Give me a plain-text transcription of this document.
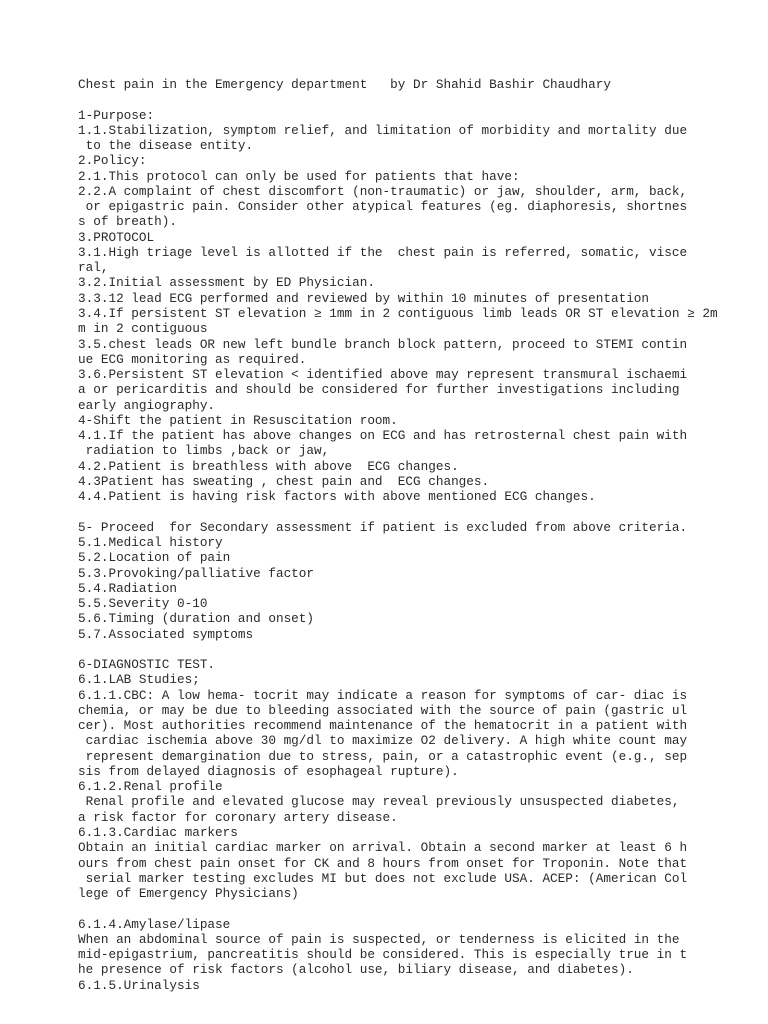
Chest pain in the Emergency department   by Dr Shahid Bashir Chaudhary
1-Purpose:
1.1.Stabilization, symptom relief, and limitation of morbidity and mortality due
to the disease entity.
2.Policy:
2.1.This protocol can only be used for patients that have:
2.2.A complaint of chest discomfort (non-traumatic) or jaw, shoulder, arm, back,
or epigastric pain. Consider other atypical features (eg. diaphoresis, shortnes
s of breath).
3.PROTOCOL
3.1.High triage level is allotted if the  chest pain is referred, somatic, visce
ral,
3.2.Initial assessment by ED Physician.
3.3.12 lead ECG performed and reviewed by within 10 minutes of presentation
3.4.If persistent ST elevation ≥ 1mm in 2 contiguous limb leads OR ST elevation ≥ 2m
m in 2 contiguous
3.5.chest leads OR new left bundle branch block pattern, proceed to STEMI contin
ue ECG monitoring as required.
3.6.Persistent ST elevation < identified above may represent transmural ischaemi
a or pericarditis and should be considered for further investigations including
early angiography.
4-Shift the patient in Resuscitation room.
4.1.If the patient has above changes on ECG and has retrosternal chest pain with
radiation to limbs ,back or jaw,
4.2.Patient is breathless with above  ECG changes.
4.3Patient has sweating , chest pain and  ECG changes.
4.4.Patient is having risk factors with above mentioned ECG changes.
5- Proceed  for Secondary assessment if patient is excluded from above criteria.
5.1.Medical history
5.2.Location of pain
5.3.Provoking/palliative factor
5.4.Radiation
5.5.Severity 0-10
5.6.Timing (duration and onset)
5.7.Associated symptoms
6-DIAGNOSTIC TEST.
6.1.LAB Studies;
6.1.1.CBC: A low hema- tocrit may indicate a reason for symptoms of car- diac is
chemia, or may be due to bleeding associated with the source of pain (gastric ul
cer). Most authorities recommend maintenance of the hematocrit in a patient with
cardiac ischemia above 30 mg/dl to maximize O2 delivery. A high white count may
represent demargination due to stress, pain, or a catastrophic event (e.g., sep
sis from delayed diagnosis of esophageal rupture).
6.1.2.Renal profile
Renal profile and elevated glucose may reveal previously unsuspected diabetes,
a risk factor for coronary artery disease.
6.1.3.Cardiac markers
Obtain an initial cardiac marker on arrival. Obtain a second marker at least 6 h
ours from chest pain onset for CK and 8 hours from onset for Troponin. Note that
serial marker testing excludes MI but does not exclude USA. ACEP: (American Col
lege of Emergency Physicians)
6.1.4.Amylase/lipase
When an abdominal source of pain is suspected, or tenderness is elicited in the
mid-epigastrium, pancreatitis should be considered. This is especially true in t
he presence of risk factors (alcohol use, biliary disease, and diabetes).
6.1.5.Urinalysis
